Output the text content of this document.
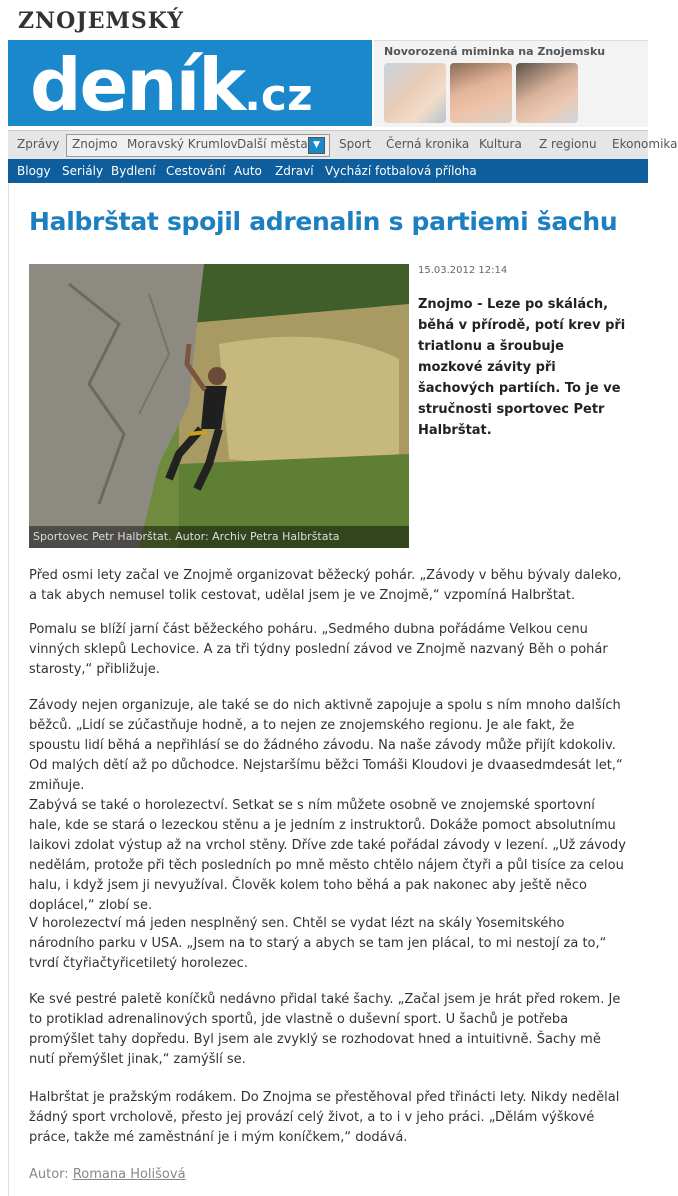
ZNOJEMSKÝ
deník.cz
Novorozená miminka na Znojemsku
Zprávy Znojmo Moravský Krumlov Další města ▼	Sport Černá kronika Kultura Z regionu Ekonomika
Blogy Seriály Bydlení Cestování Auto Zdraví Vychází fotbalová příloha
Halbrštat spojil adrenalin s partiemi šachu
Sportovec Petr Halbrštat. Autor: Archiv Petra Halbrštata
15.03.2012 12:14

Znojmo - Leze po skálách, běhá v přírodě, potí krev při triatlonu a šroubuje mozkové závity při šachových partiích. To je ve stručnosti sportovec Petr Halbrštat.

Před osmi lety začal ve Znojmě organizovat běžecký pohár. „Závody v běhu bývaly daleko, a tak abych nemusel tolik cestovat, udělal jsem je ve Znojmě,“ vzpomíná Halbrštat.

Pomalu se blíží jarní část běžeckého poháru. „Sedmého dubna pořádáme Velkou cenu vinných sklepů Lechovice. A za tři týdny poslední závod ve Znojmě nazvaný Běh o pohár starosty,“ přibližuje.

Závody nejen organizuje, ale také se do nich aktivně zapojuje a spolu s ním mnoho dalších běžců. „Lidí se zúčastňuje hodně, a to nejen ze znojemského regionu. Je ale fakt, že spoustu lidí běhá a nepřihlásí se do žádného závodu. Na naše závody může přijít kdokoliv. Od malých dětí až po důchodce. Nejstaršímu běžci Tomáši Kloudovi je dvaasedmdesát let,“ zmiňuje.

Zabývá se také o horolezectví. Setkat se s ním můžete osobně ve znojemské sportovní hale, kde se stará o lezeckou stěnu a je jedním z instruktorů. Dokáže pomoct absolutnímu laikovi zdolat výstup až na vrchol stěny. Dříve zde také pořádal závody v lezení. „Už závody nedělám, protože při těch posledních po mně město chtělo nájem čtyři a půl tisíce za celou halu, i když jsem ji nevyužíval. Člověk kolem toho běhá a pak nakonec aby ještě něco doplácel,“ zlobí se.

V horolezectví má jeden nesplněný sen. Chtěl se vydat lézt na skály Yosemitského národního parku v USA. „Jsem na to starý a abych se tam jen plácal, to mi nestojí za to,“ tvrdí čtyřiačtyřicetiletý horolezec.

Ke své pestré paletě koníčků nedávno přidal také šachy. „Začal jsem je hrát před rokem. Je to protiklad adrenalinových sportů, jde vlastně o duševní sport. U šachů je potřeba promýšlet tahy dopředu. Byl jsem ale zvyklý se rozhodovat hned a intuitivně. Šachy mě nutí přemýšlet jinak,“ zamýšlí se.

Halbrštat je pražským rodákem. Do Znojma se přestěhoval před třinácti lety. Nikdy nedělal žádný sport vrcholově, přesto jej provází celý život, a to i v jeho práci. „Dělám výškové práce, takže mé zaměstnání je i mým koníčkem,“ dodává.

Autor: Romana Holišová
